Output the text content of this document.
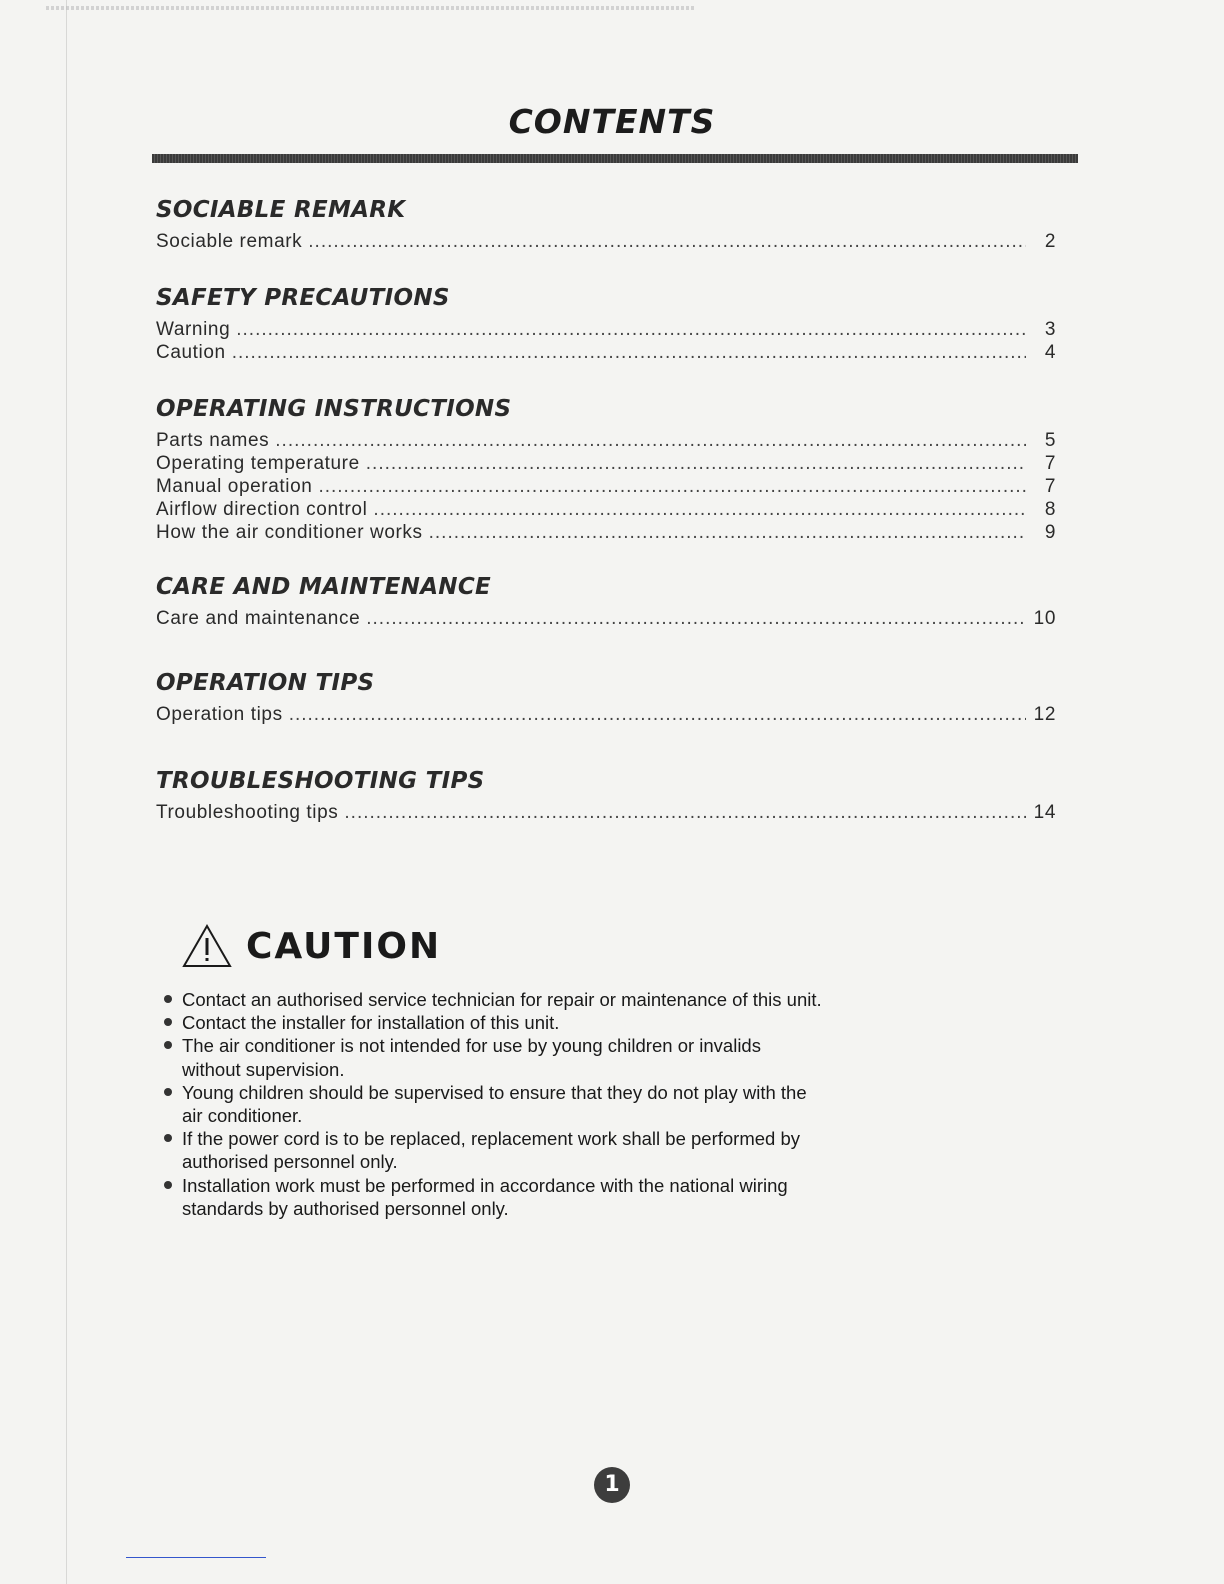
CONTENTS
SOCIABLE REMARK
Sociable remark .....	2
SAFETY PRECAUTIONS
Warning .....	3
Caution .....	4
OPERATING INSTRUCTIONS
Parts names .....	5
Operating temperature .....	7
Manual operation .....	7
Airflow direction control .....	8
How the air conditioner works .....	9
CARE AND MAINTENANCE
Care and maintenance .....	10
OPERATION TIPS
Operation tips .....	12
TROUBLESHOOTING TIPS
Troubleshooting tips .....	14
CAUTION
Contact an authorised service technician for repair or maintenance of this unit.
Contact the installer for installation of this unit.
The air conditioner is not intended for use by young children or invalids
without supervision.
Young children should be supervised to ensure that they do not play with the
air conditioner.
If the power cord is to be replaced, replacement work shall be performed by
authorised personnel only.
Installation work must be performed in accordance with the national wiring
standards by authorised personnel only.
1
